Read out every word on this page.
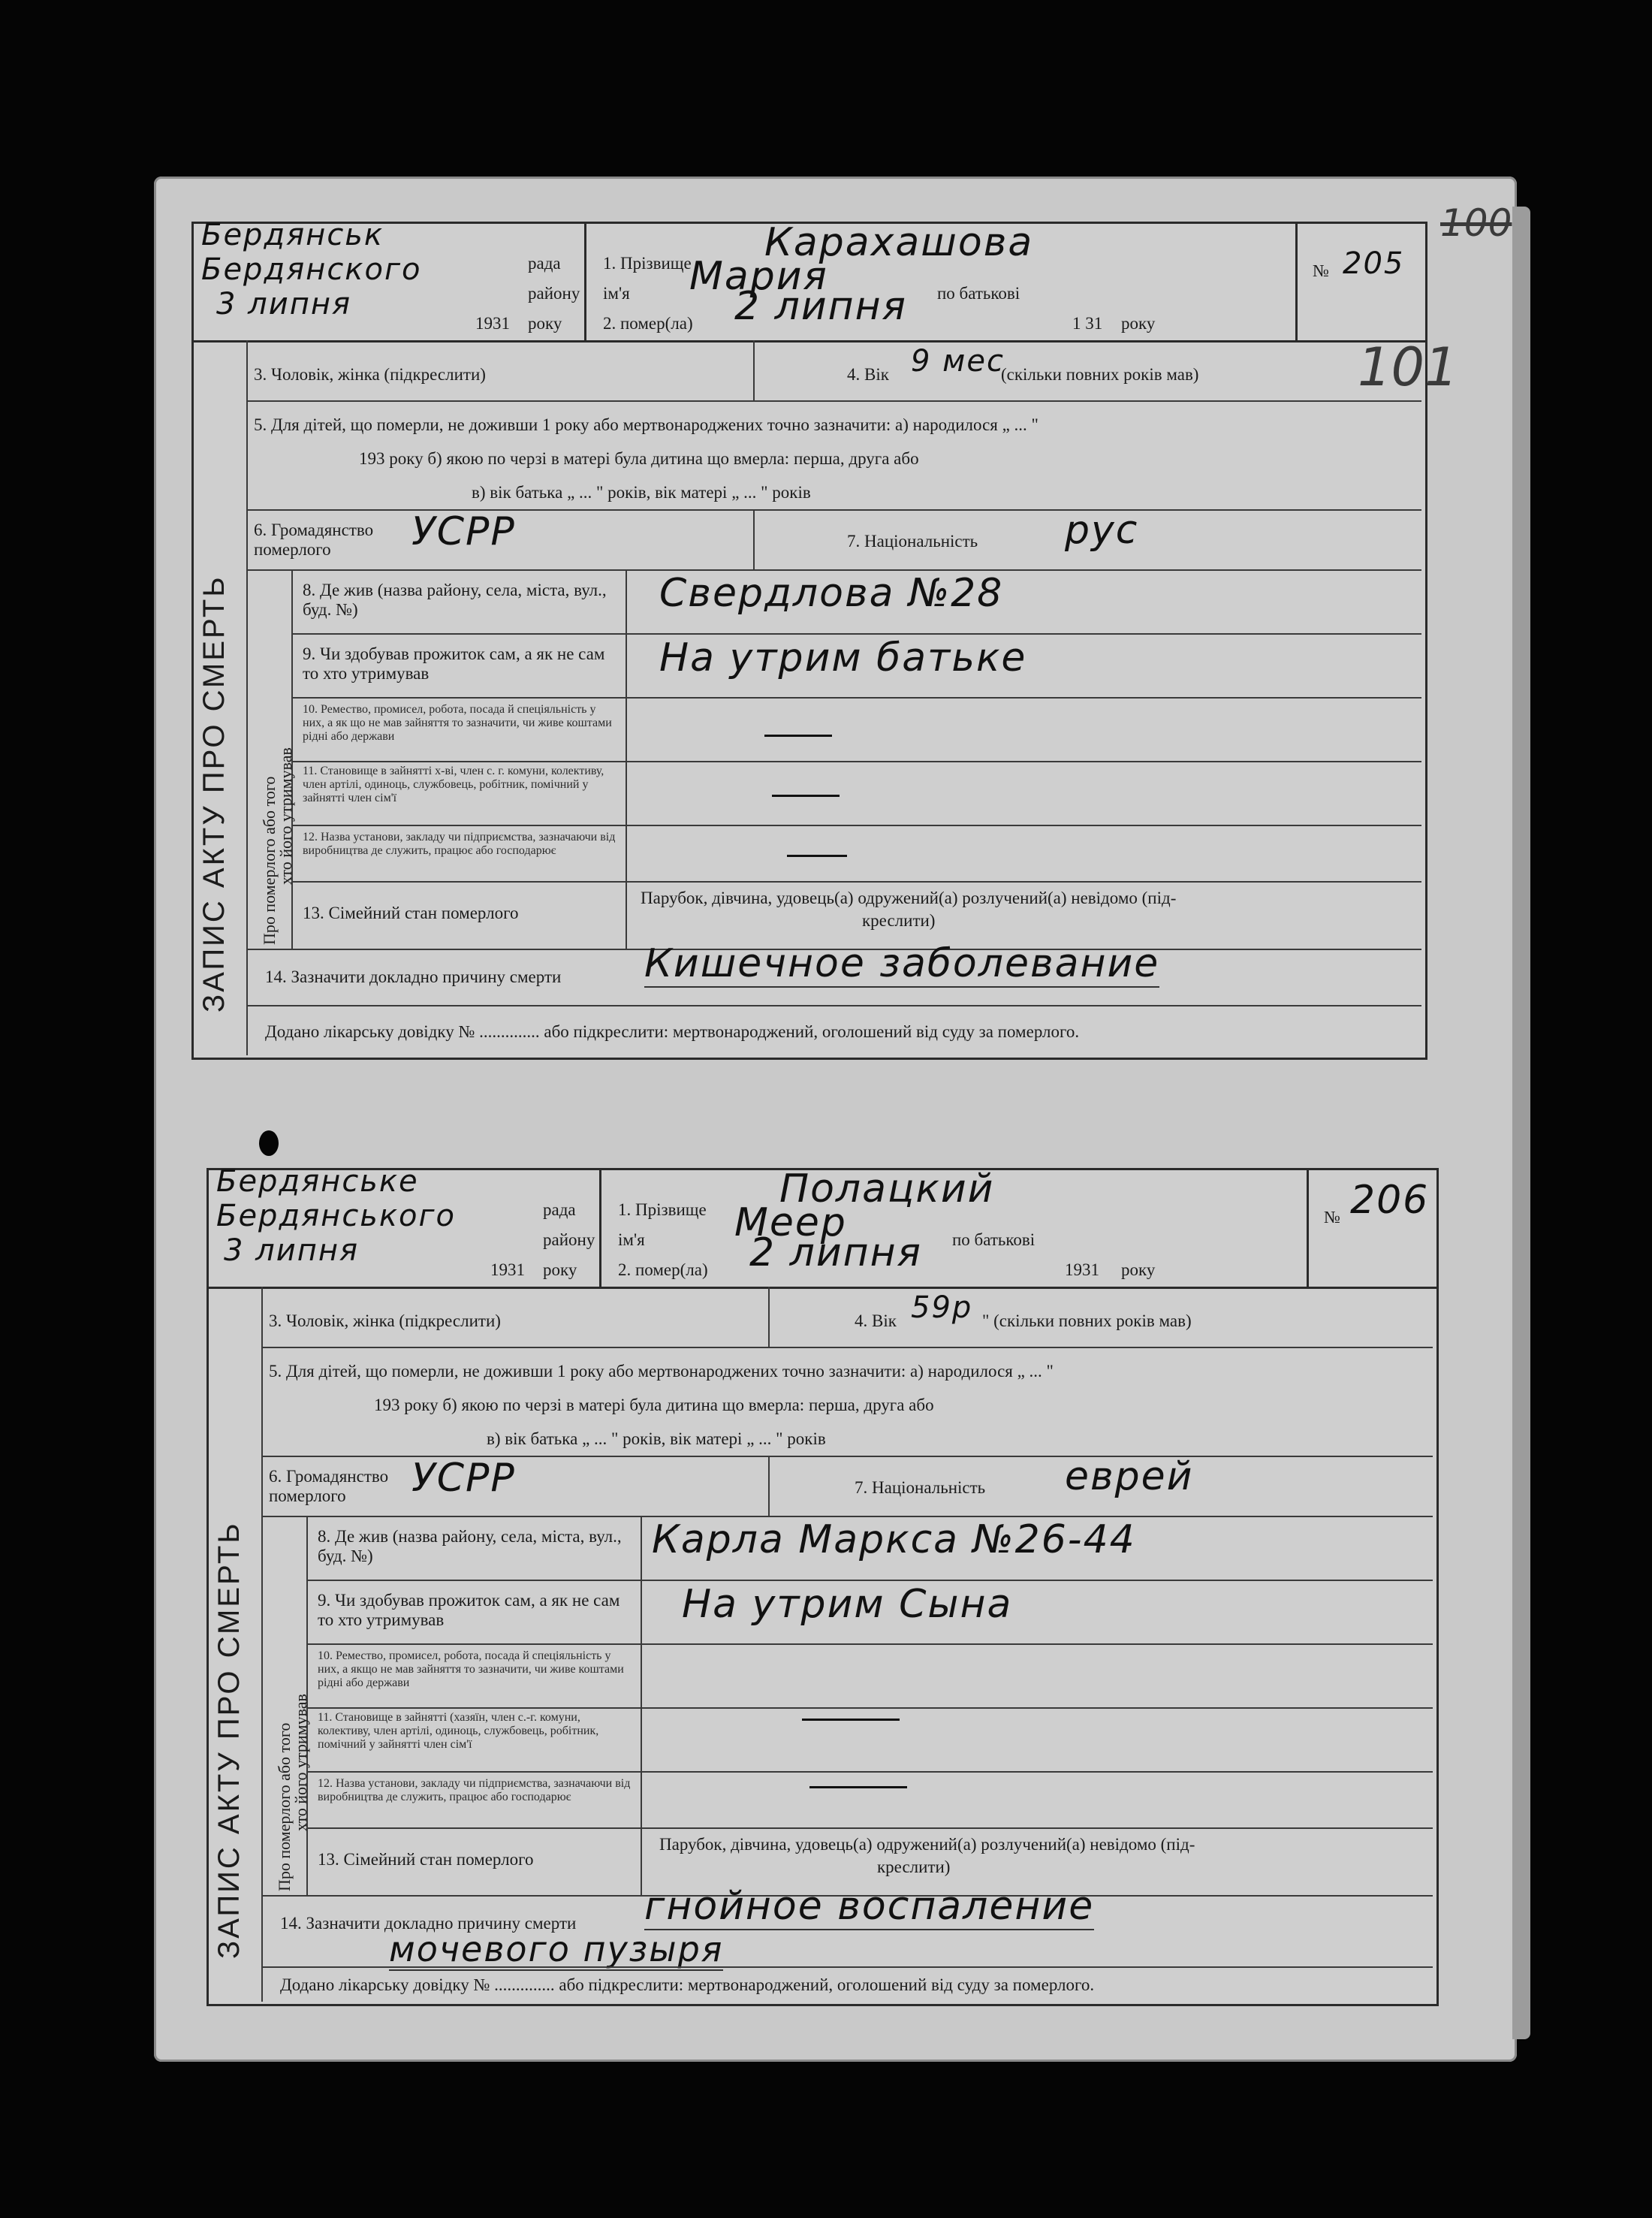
Бердянськ
рада
Бердянского
району
3 липня
1931 року
1. Прізвище Карахашова
ім'я Мария	по батькові
2. помер(ла) 2 липня	1 31 року
№ 205
100
101
ЗАПИС АКТУ ПРО СМЕРТЬ
3. Чоловік, жінка (підкреслити)	4. Вік 9 мес
(скільки повних років мав)
5. Для дітей, що померли, не доживши 1 року або мертвонароджених точно зазначити: а) народилося „ ... "
193 року б) якою по черзі в матері була дитина що вмерла: перша, друга або
в) вік батька „ ... " років, вік матері „ ... " років
6. Громадянство померлого	УСРР	7. Національність рус
Про померлого або того
хто його утримував
8. Де жив (назва району, села, міста, вул., буд. №)	Свердлова №28
9. Чи здобував прожиток сам, а як не сам то хто утримував	На утрим батьке
10. Ремество, промисел, робота, посада й спеціяльність у них, а як що не мав зайняття то зазначити, чи живе коштами рідні або держави
11. Становище в зайнятті х-ві, член с. г. комуни, колективу, член артілі, одиноць, службовець, робітник, помічний у зайнятті член сім'ї
12. Назва установи, закладу чи підприємства, зазначаючи від виробництва де служить, працює або господарює
13. Сімейний стан померлого
Парубок, дівчина, удовець(а) одружений(а) розлучений(а) невідомо (під-
креслити)
14. Зазначити докладно причину смерти Кишечное заболевание
Додано лікарську довідку № .............. або підкреслити: мертвонароджений, оголошений від суду за померлого.
Бердянське
рада
Бердянського
району
3 липня
1931 року
1. Прізвище Полацкий
ім'я Меер	по батькові
2. помер(ла) 2 липня	1931 року
№ 206
ЗАПИС АКТУ ПРО СМЕРТЬ
3. Чоловік, жінка (підкреслити)	4. Вік 59р " (скільки повних років мав)
5. Для дітей, що померли, не доживши 1 року або мертвонароджених точно зазначити: а) народилося „ ... "
193 року б) якою по черзі в матері була дитина що вмерла: перша, друга або
в) вік батька „ ... " років, вік матері „ ... " років
6. Громадянство померлого	УСРР	7. Національність еврей
Про померлого або того
хто його утримував
8. Де жив (назва району, села, міста, вул., буд. №)	Карла Маркса №26-44
9. Чи здобував прожиток сам, а як не сам то хто утримував	На утрим Сына
10. Ремество, промисел, робота, посада й спеціяльність у них, а якщо не мав зайняття то зазначити, чи живе коштами рідні або держави
11. Становище в зайнятті (хазяїн, член с.-г. комуни, колективу, член артілі, одиноць, службовець, робітник, помічний у зайнятті член сім'ї
12. Назва установи, закладу чи підприємства, зазначаючи від виробництва де служить, працює або господарює
13. Сімейний стан померлого
Парубок, дівчина, удовець(а) одружений(а) розлучений(а) невідомо (під-
креслити)
14. Зазначити докладно причину смерти гнойное воспаление
мочевого пузыря
Додано лікарську довідку № .............. або підкреслити: мертвонароджений, оголошений від суду за померлого.
